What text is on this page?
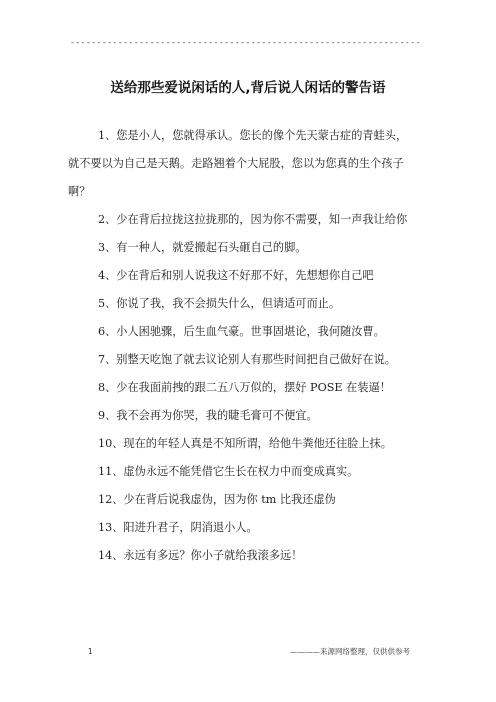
------------------------------------------------------------------
送给那些爱说闲话的人,背后说人闲话的警告语
1、您是小人，您就得承认。您长的像个先天蒙古症的青蛙头，
就不要以为自己是天鹅。走路翘着个大屁股，您以为您真的生个孩子
啊？
2、少在背后拉拢这拉拢那的，因为你不需要，知一声我让给你
3、有一种人，就爱搬起石头砸自己的脚。
4、少在背后和别人说我这不好那不好，先想想你自己吧
5、你说了我，我不会损失什么，但请适可而止。
6、小人困驰骤，后生血气豪。世事固堪论，我何随汝曹。
7、别整天吃饱了就去议论别人有那些时间把自己做好在说。
8、少在我面前拽的跟二五八万似的，摆好 POSE 在装逼！
9、我不会再为你哭，我的睫毛膏可不便宜。
10、现在的年轻人真是不知所谓，给他牛粪他还往脸上抹。
11、虚伪永远不能凭借它生长在权力中而变成真实。
12、少在背后说我虚伪，因为你 tm 比我还虚伪
13、阳进升君子，阴消退小人。
14、永远有多远？你小子就给我滚多远！
1	————来源网络整理，仅供供参考
